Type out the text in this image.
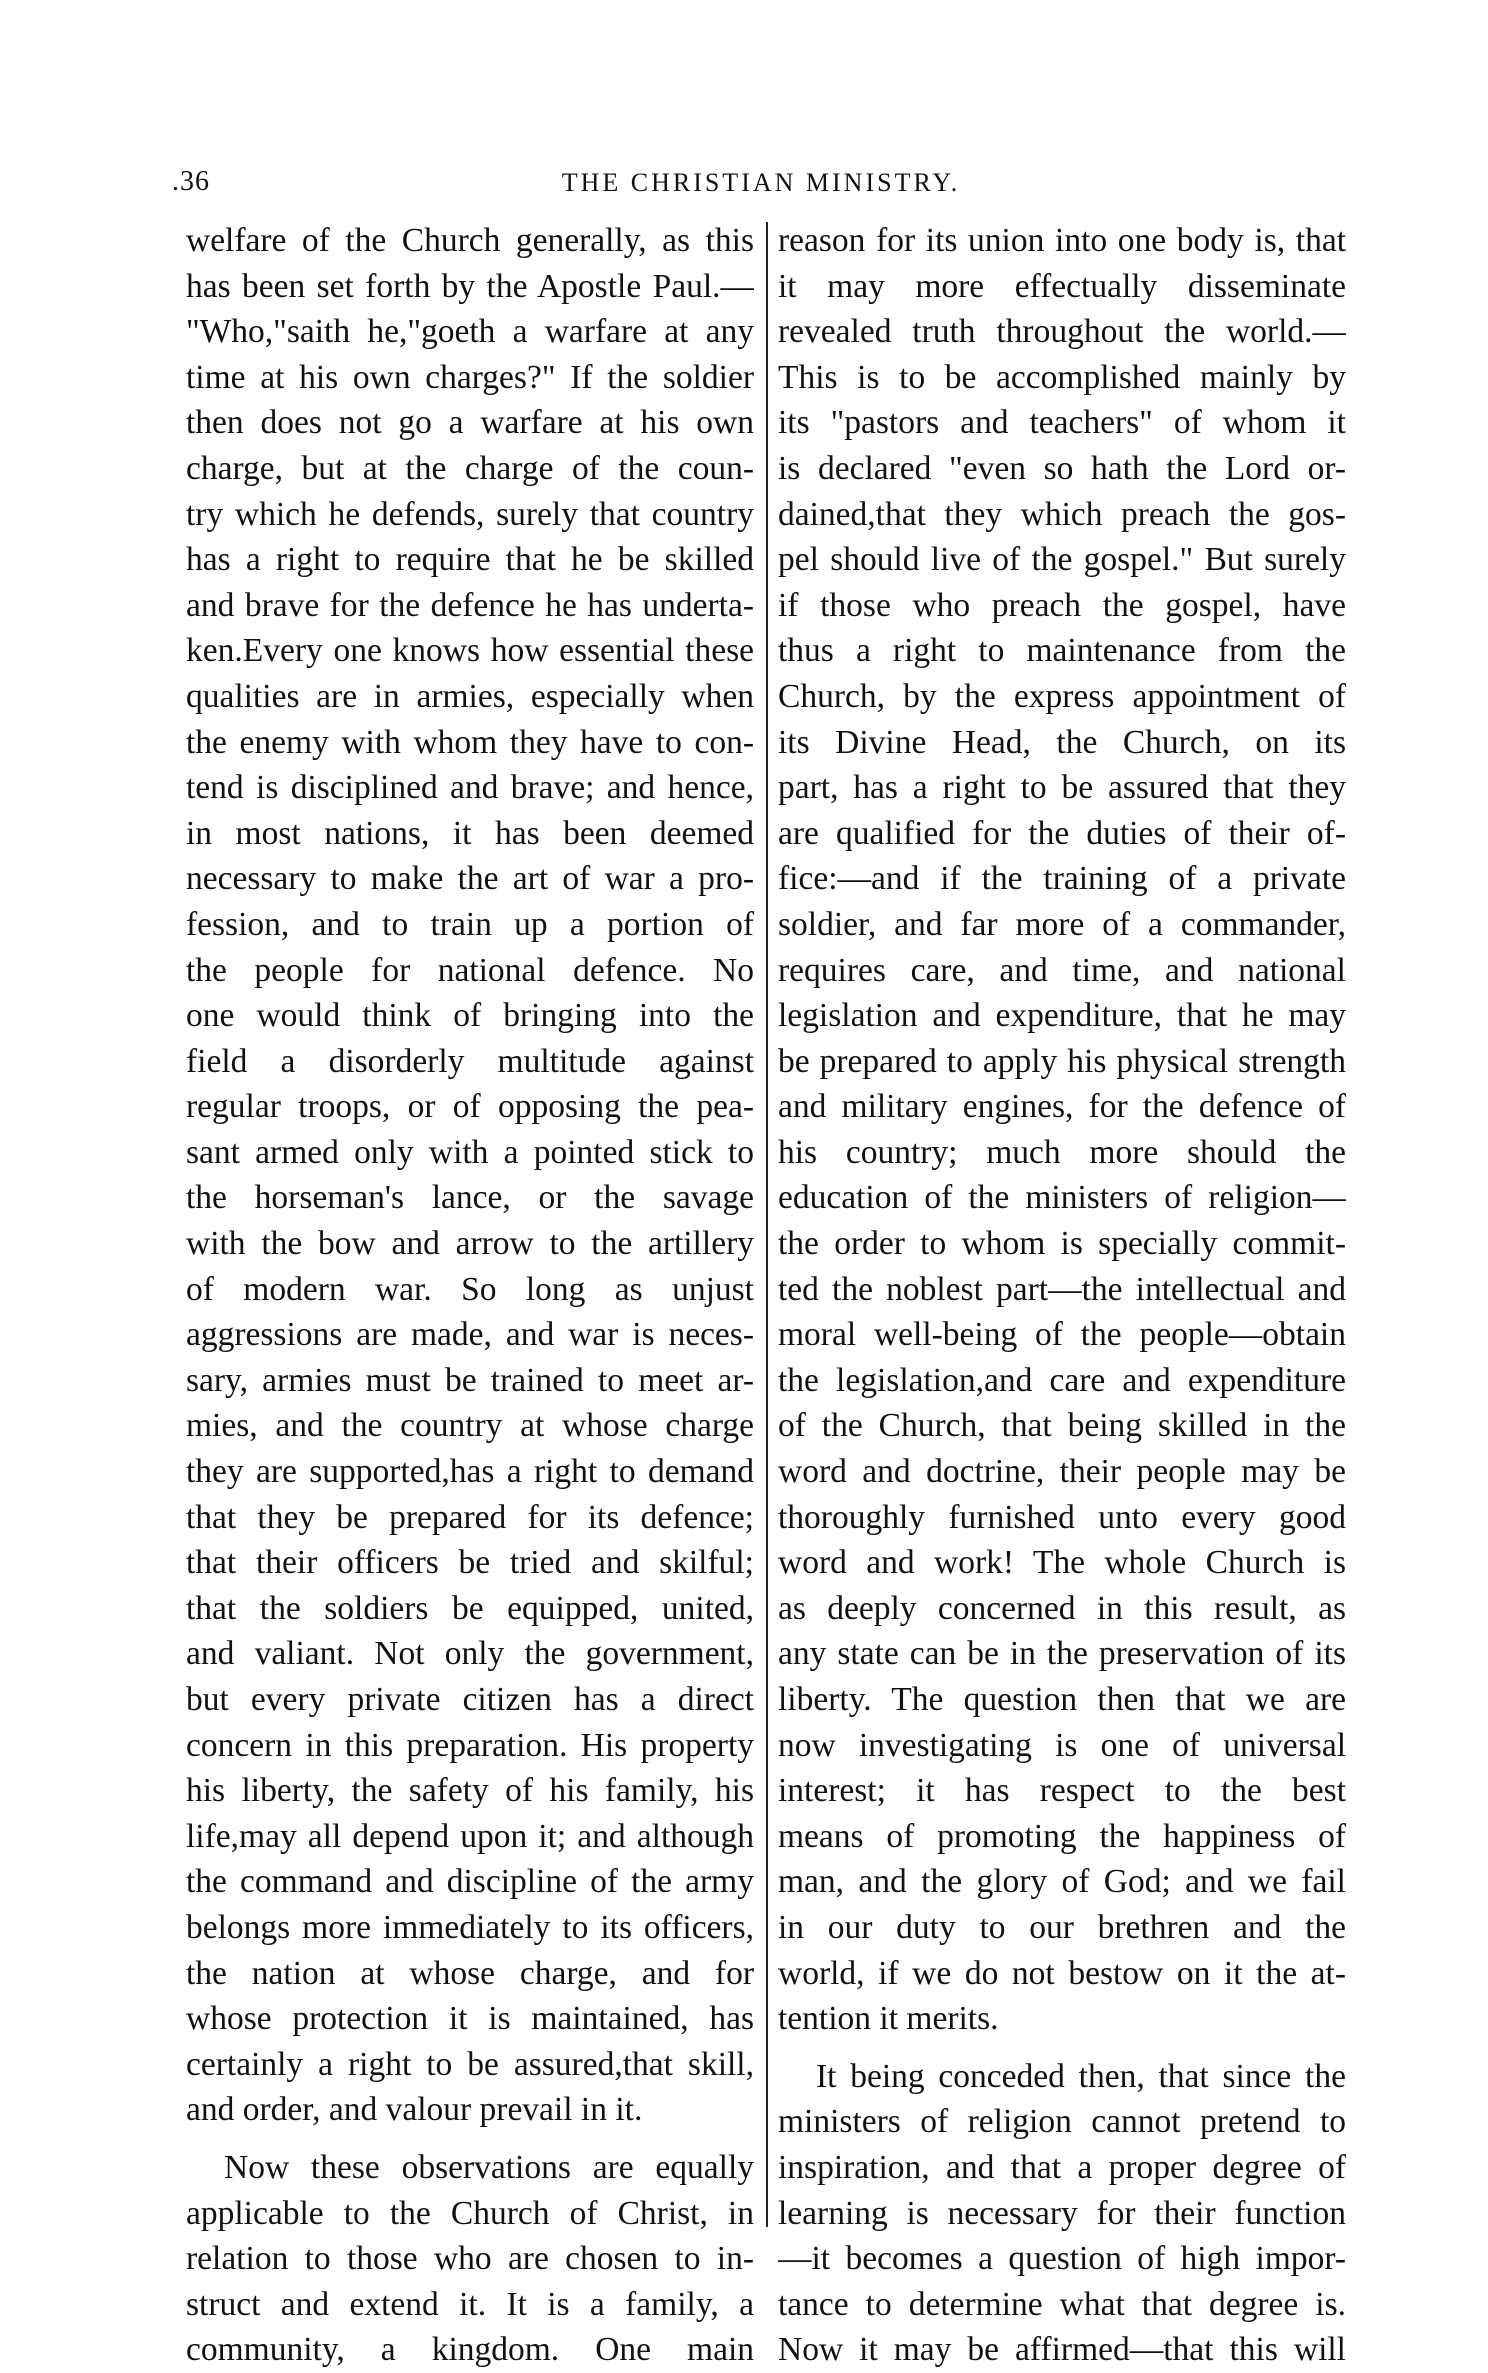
.36	THE CHRISTIAN MINISTRY.
welfare of the Church generally, as this
has been set forth by the Apostle Paul.—
"Who,"saith he,"goeth a warfare at any
time at his own charges?" If the soldier
then does not go a warfare at his own
charge, but at the charge of the coun-
try which he defends, surely that country
has a right to require that he be skilled
and brave for the defence he has underta-
ken.Every one knows how essential these
qualities are in armies, especially when
the enemy with whom they have to con-
tend is disciplined and brave; and hence,
in most nations, it has been deemed
necessary to make the art of war a pro-
fession, and to train up a portion of
the people for national defence. No
one would think of bringing into the
field a disorderly multitude against
regular troops, or of opposing the pea-
sant armed only with a pointed stick to
the horseman's lance, or the savage
with the bow and arrow to the artillery
of modern war. So long as unjust
aggressions are made, and war is neces-
sary, armies must be trained to meet ar-
mies, and the country at whose charge
they are supported,has a right to demand
that they be prepared for its defence;
that their officers be tried and skilful;
that the soldiers be equipped, united,
and valiant. Not only the government,
but every private citizen has a direct
concern in this preparation. His property
his liberty, the safety of his family, his
life,may all depend upon it; and although
the command and discipline of the army
belongs more immediately to its officers,
the nation at whose charge, and for
whose protection it is maintained, has
certainly a right to be assured,that skill,
and order, and valour prevail in it.
Now these observations are equally
applicable to the Church of Christ, in
relation to those who are chosen to in-
struct and extend it. It is a family, a
community, a kingdom. One main
reason for its union into one body is, that
it may more effectually disseminate
revealed truth throughout the world.—
This is to be accomplished mainly by
its "pastors and teachers" of whom it
is declared "even so hath the Lord or-
dained,that they which preach the gos-
pel should live of the gospel." But surely
if those who preach the gospel, have
thus a right to maintenance from the
Church, by the express appointment of
its Divine Head, the Church, on its
part, has a right to be assured that they
are qualified for the duties of their of-
fice:—and if the training of a private
soldier, and far more of a commander,
requires care, and time, and national
legislation and expenditure, that he may
be prepared to apply his physical strength
and military engines, for the defence of
his country; much more should the
education of the ministers of religion—
the order to whom is specially commit-
ted the noblest part—the intellectual and
moral well-being of the people—obtain
the legislation,and care and expenditure
of the Church, that being skilled in the
word and doctrine, their people may be
thoroughly furnished unto every good
word and work! The whole Church is
as deeply concerned in this result, as
any state can be in the preservation of its
liberty. The question then that we are
now investigating is one of universal
interest; it has respect to the best
means of promoting the happiness of
man, and the glory of God; and we fail
in our duty to our brethren and the
world, if we do not bestow on it the at-
tention it merits.
It being conceded then, that since the
ministers of religion cannot pretend to
inspiration, and that a proper degree of
learning is necessary for their function
—it becomes a question of high impor-
tance to determine what that degree is.
Now it may be affirmed—that this will
